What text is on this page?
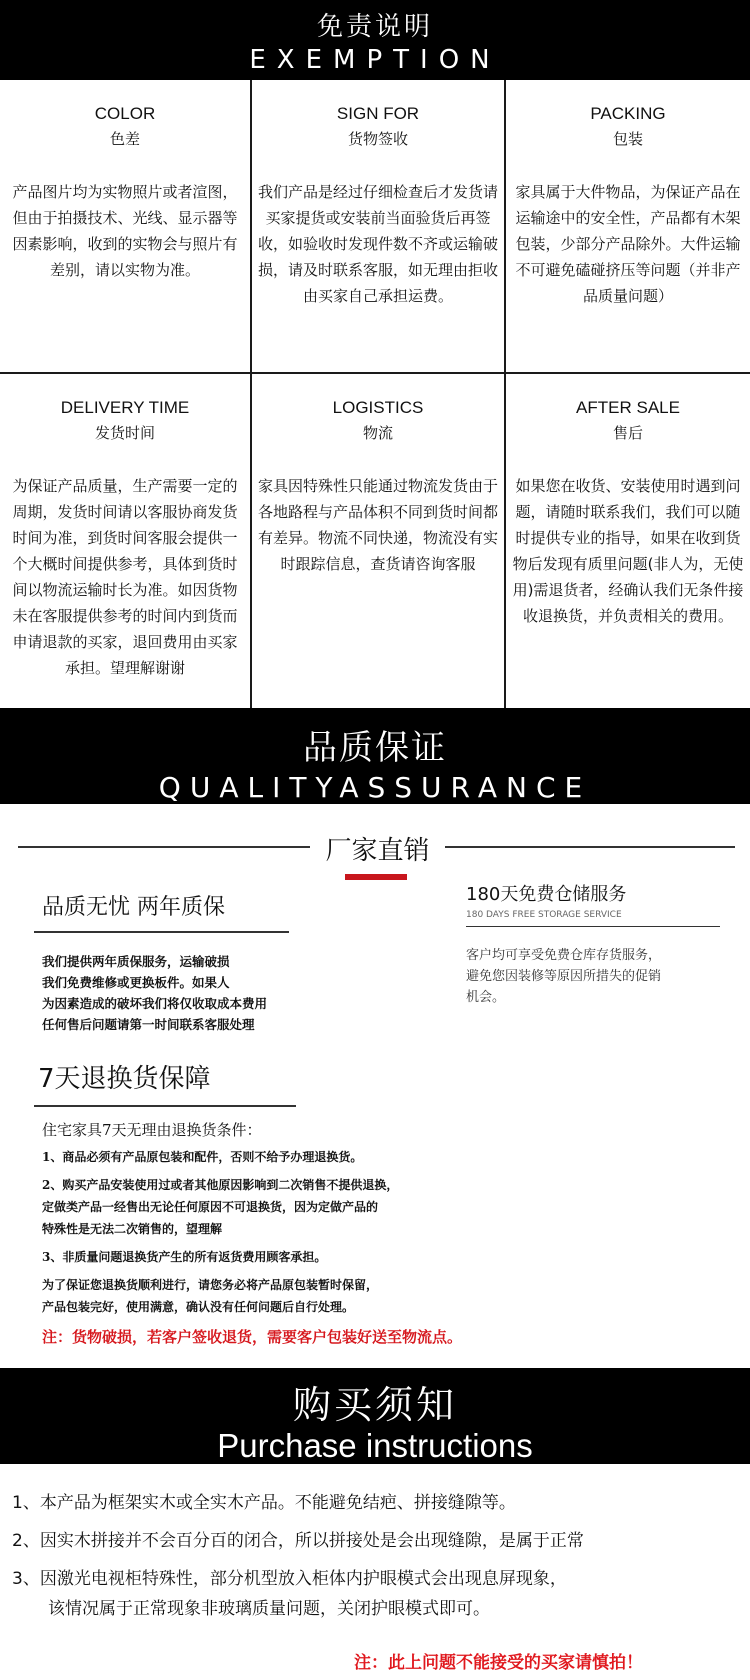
免责说明
EXEMPTION
COLOR
色差
产品图片均为实物照片或者渲图，但由于拍摄技术、光线、显示器等因素影响，收到的实物会与照片有差别，请以实物为准。
SIGN FOR
货物签收
我们产品是经过仔细检查后才发货请买家提货或安装前当面验货后再签收，如验收时发现件数不齐或运输破损，请及时联系客服，如无理由拒收由买家自己承担运费。
PACKING
包装
家具属于大件物品，为保证产品在运输途中的安全性，产品都有木架包装，少部分产品除外。大件运输不可避免磕碰挤压等问题（并非产品质量问题）
DELIVERY TIME
发货时间
为保证产品质量，生产需要一定的周期，发货时间请以客服协商发货时间为准，到货时间客服会提供一个大概时间提供参考，具体到货时间以物流运输时长为准。如因货物未在客服提供参考的时间内到货而申请退款的买家，退回费用由买家承担。望理解谢谢
LOGISTICS
物流
家具因特殊性只能通过物流发货由于各地路程与产品体积不同到货时间都有差异。物流不同快递，物流没有实时跟踪信息，查货请咨询客服
AFTER SALE
售后
如果您在收货、安装使用时遇到问题，请随时联系我们，我们可以随时提供专业的指导，如果在收到货物后发现有质里问题(非人为，无使用)需退货者，经确认我们无条件接收退换货，并负责相关的费用。
品质保证
QUALITYASSURANCE
厂家直销
品质无忧 两年质保
我们提供两年质保服务，运输破损
我们免费维修或更换板件。如果人
为因素造成的破坏我们将仅收取成本费用
任何售后问题请第一时间联系客服处理
180天免费仓储服务
180 DAYS FREE STORAGE SERVICE
客户均可享受免费仓库存货服务，
避免您因装修等原因所措失的促销
机会。
7天退换货保障
住宅家具7天无理由退换货条件：
1、商品必须有产品原包装和配件，否则不给予办理退换货。
2、购买产品安装使用过或者其他原因影响到二次销售不提供退换，
定做类产品一经售出无论任何原因不可退换货，因为定做产品的
特殊性是无法二次销售的，望理解
3、非质量问题退换货产生的所有返货费用顾客承担。
为了保证您退换货顺利进行，请您务必将产品原包装暂时保留，
产品包装完好，使用满意，确认没有任何问题后自行处理。
注：货物破损，若客户签收退货，需要客户包装好送至物流点。
购买须知
Purchase instructions
1、本产品为框架实木或全实木产品。不能避免结疤、拼接缝隙等。
2、因实木拼接并不会百分百的闭合，所以拼接处是会出现缝隙，是属于正常
3、因激光电视柜特殊性，部分机型放入柜体内护眼模式会出现息屏现象，
该情况属于正常现象非玻璃质量问题，关闭护眼模式即可。
注：此上问题不能接受的买家请慎拍！
